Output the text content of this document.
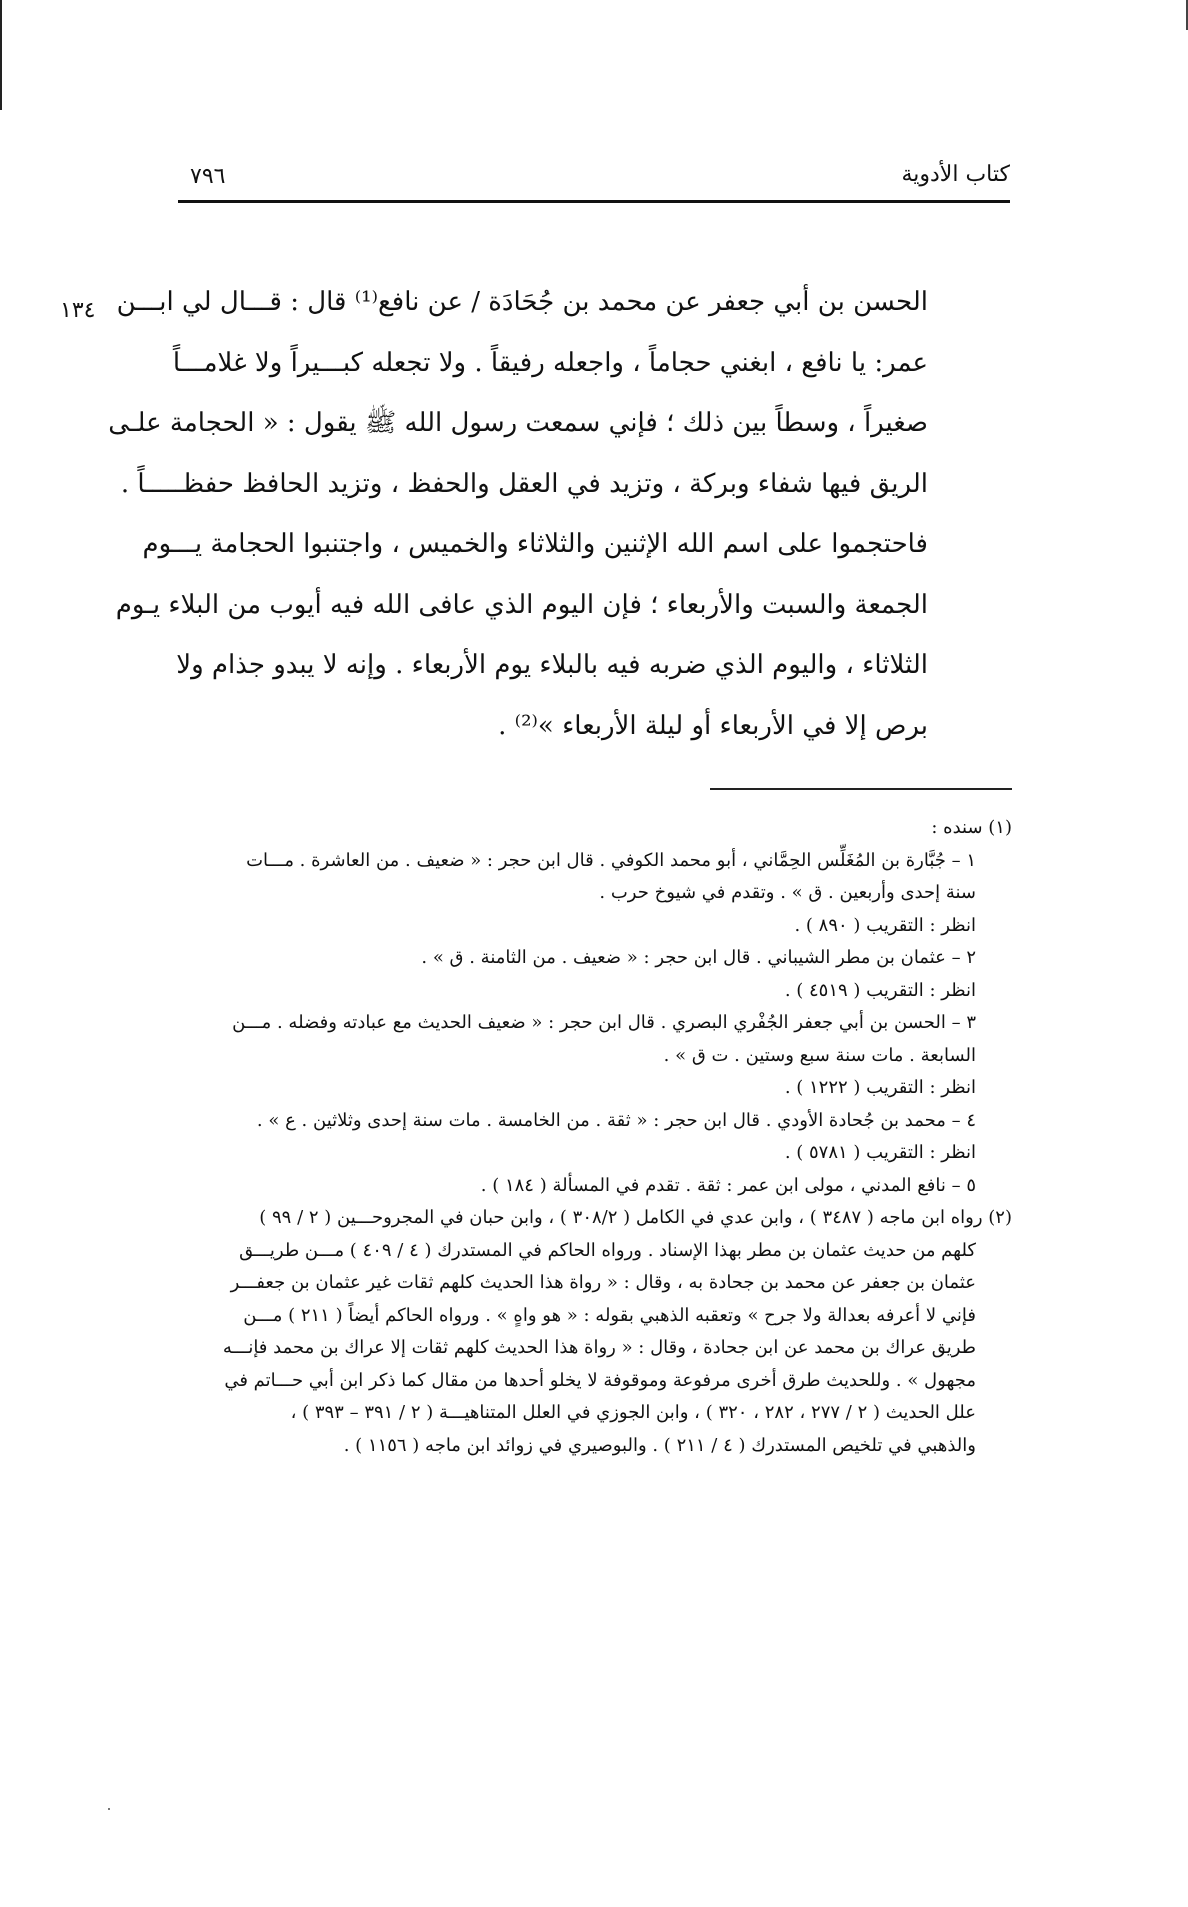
كتاب الأدوية
٧٩٦
١٣٤ الحسن بن أبي جعفر عن محمد بن جُحَادَة / عن نافع⁽¹⁾ قال : قـــال لي ابـــن
عمر: يا نافع ، ابغني حجاماً ، واجعله رفيقاً . ولا تجعله كبـــيراً ولا غلامـــاً
صغيراً ، وسطاً بين ذلك ؛ فإني سمعت رسول الله ﷺ يقول : « الحجامة علـى
الريق فيها شفاء وبركة ، وتزيد في العقل والحفظ ، وتزيد الحافظ حفظـــــاً .
فاحتجموا على اسم الله الإثنين والثلاثاء والخميس ، واجتنبوا الحجامة يـــوم
الجمعة والسبت والأربعاء ؛ فإن اليوم الذي عافى الله فيه أيوب من البلاء يـوم
الثلاثاء ، واليوم الذي ضربه فيه بالبلاء يوم الأربعاء . وإنه لا يبدو جذام ولا
برص إلا في الأربعاء أو ليلة الأربعاء »⁽²⁾ .
(١) سنده :
١ – جُبَّارة بن المُغَلِّس الحِمَّاني ، أبو محمد الكوفي . قال ابن حجر : « ضعيف . من العاشرة . مـــات
سنة إحدى وأربعين . ق » . وتقدم في شيوخ حرب .
انظر : التقريب ( ٨٩٠ ) .
٢ – عثمان بن مطر الشيباني . قال ابن حجر : « ضعيف . من الثامنة . ق » .
انظر : التقريب ( ٤٥١٩ ) .
٣ – الحسن بن أبي جعفر الجُفْري البصري . قال ابن حجر : « ضعيف الحديث مع عبادته وفضله . مـــن
السابعة . مات سنة سبع وستين . ت ق » .
انظر : التقريب ( ١٢٢٢ ) .
٤ – محمد بن جُحادة الأودي . قال ابن حجر : « ثقة . من الخامسة . مات سنة إحدى وثلاثين . ع » .
انظر : التقريب ( ٥٧٨١ ) .
٥ – نافع المدني ، مولى ابن عمر : ثقة . تقدم في المسألة ( ١٨٤ ) .
(٢) رواه ابن ماجه ( ٣٤٨٧ ) ، وابن عدي في الكامل ( ٣٠٨/٢ ) ، وابن حبان في المجروحـــين ( ٢ / ٩٩ )
كلهم من حديث عثمان بن مطر بهذا الإسناد . ورواه الحاكم في المستدرك ( ٤ / ٤٠٩ ) مـــن طريـــق
عثمان بن جعفر عن محمد بن جحادة به ، وقال : « رواة هذا الحديث كلهم ثقات غير عثمان بن جعفـــر
فإني لا أعرفه بعدالة ولا جرح » وتعقبه الذهبي بقوله : « هو واهٍ » . ورواه الحاكم أيضاً ( ٢١١ ) مـــن
طريق عراك بن محمد عن ابن جحادة ، وقال : « رواة هذا الحديث كلهم ثقات إلا عراك بن محمد فإنـــه
مجهول » . وللحديث طرق أخرى مرفوعة وموقوفة لا يخلو أحدها من مقال كما ذكر ابن أبي حـــاتم في
علل الحديث ( ٢ / ٢٧٧ ، ٢٨٢ ، ٣٢٠ ) ، وابن الجوزي في العلل المتناهيـــة ( ٢ / ٣٩١ – ٣٩٣ ) ،
والذهبي في تلخيص المستدرك ( ٤ / ٢١١ ) . والبوصيري في زوائد ابن ماجه ( ١١٥٦ ) .
